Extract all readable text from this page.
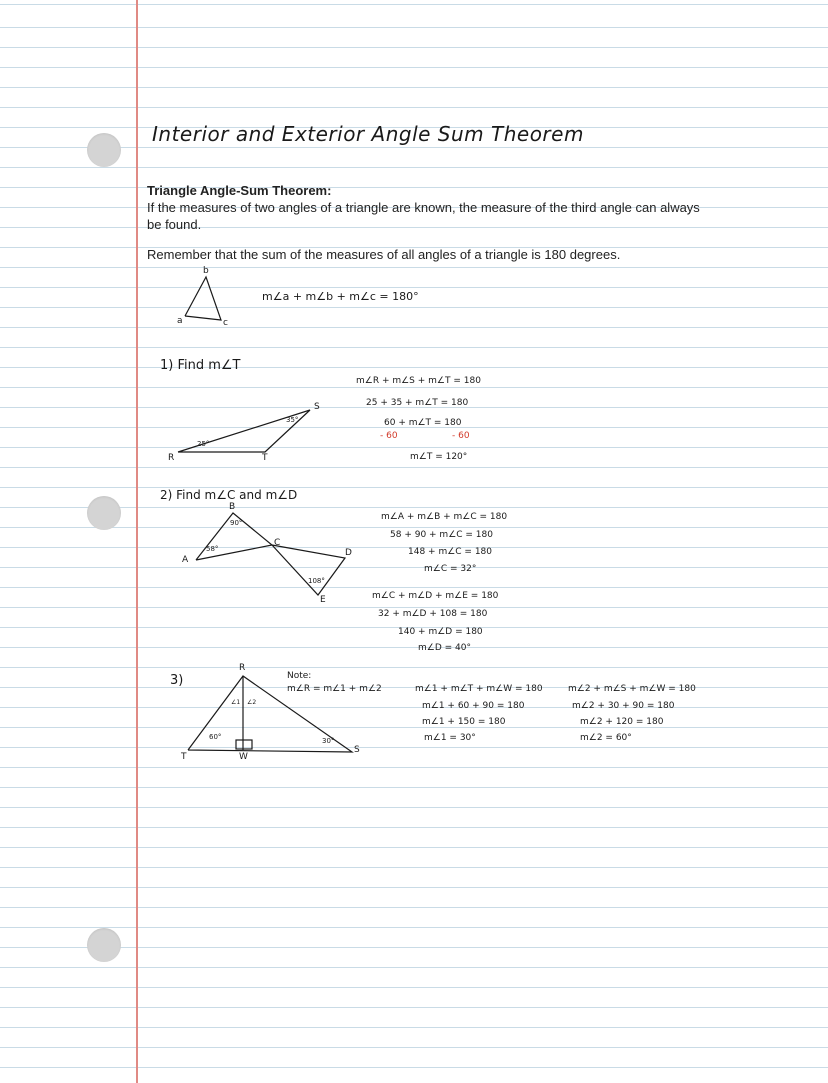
Interior and Exterior Angle Sum Theorem
Triangle Angle-Sum Theorem:
If the measures of two angles of a triangle are known, the measure of the third angle can always
be found.
Remember that the sum of the measures of all angles of a triangle is 180 degrees.
b
a	c
m∠a + m∠b + m∠c = 180°
1) Find m∠T
R
S
T
25°
35°
m∠R + m∠S + m∠T = 180
25 + 35 + m∠T = 180
60 + m∠T = 180
- 60	- 60
m∠T = 120°
2) Find m∠C and m∠D
A
B
C
D
E
58°
90°
108°
m∠A + m∠B + m∠C = 180
58 + 90 + m∠C = 180
148 + m∠C = 180
m∠C = 32°
m∠C + m∠D + m∠E = 180
32 + m∠D + 108 = 180
140 + m∠D = 180
m∠D = 40°
3)
R
T
S
W
60°	30°
∠1 ∠2
Note:
m∠R = m∠1 + m∠2	m∠1 + m∠T + m∠W = 180
m∠1 + 60 + 90 = 180
m∠1 + 150 = 180
m∠1 = 30°
m∠2 + m∠S + m∠W = 180
m∠2 + 30 + 90 = 180
m∠2 + 120 = 180
m∠2 = 60°
